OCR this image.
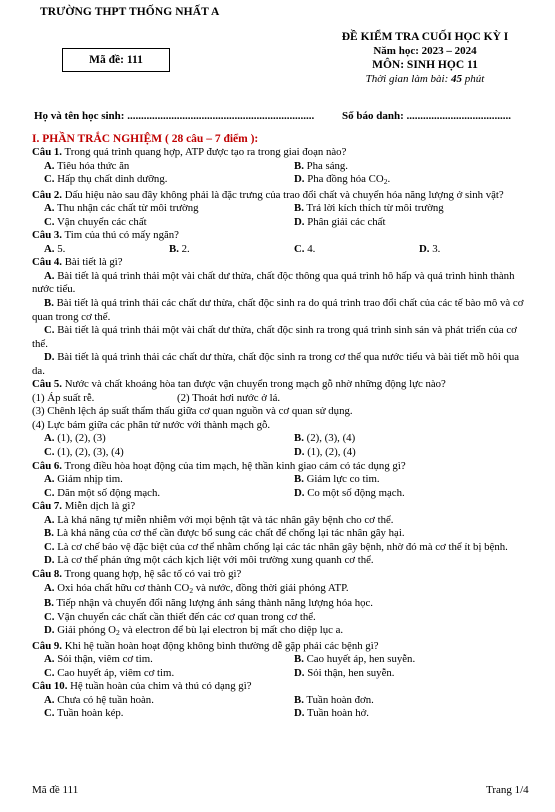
TRƯỜNG THPT THỐNG NHẤT A
Mã đề: 111
ĐỀ KIỂM TRA CUỐI HỌC KỲ I
Năm học: 2023 – 2024
MÔN: SINH HỌC 11
Thời gian làm bài: 45 phút
Họ và tên học sinh: ....................................................................	Số báo danh: ......................................
I. PHẦN TRẮC NGHIỆM ( 28 câu – 7 điểm ):
Câu 1. Trong quá trình quang hợp, ATP được tạo ra trong giai đoạn nào?
A. Tiêu hóa thức ăn	B. Pha sáng.
C. Hấp thụ chất dinh dưỡng.	D. Pha đồng hóa $CO_2$.
Câu 2. Dấu hiệu nào sau đây không phải là đặc trưng của trao đổi chất và chuyển hóa năng lượng ở sinh vật?
A. Thu nhận các chất từ môi trường	B. Trả lời kích thích từ môi trường
C. Vận chuyển các chất	D. Phân giải các chất
Câu 3. Tim của thú có mấy ngăn?
A. 5.	B. 2.	C. 4.	D. 3.
Câu 4. Bài tiết là gì?
A. Bài tiết là quá trình thải một vài chất dư thừa, chất độc thông qua quá trình hô hấp và quá trình hình thành nước tiểu.
B. Bài tiết là quá trình thải các chất dư thừa, chất độc sinh ra do quá trình trao đổi chất của các tế bào mô và cơ quan trong cơ thể.
C. Bài tiết là quá trình thải một vài chất dư thừa, chất độc sinh ra trong quá trình sinh sản và phát triển của cơ thể.
D. Bài tiết là quá trình thải các chất dư thừa, chất độc sinh ra trong cơ thể qua nước tiểu và bài tiết mồ hôi qua da.
Câu 5. Nước và chất khoáng hòa tan được vận chuyển trong mạch gỗ nhờ những động lực nào?
(1) Áp suất rễ.	(2) Thoát hơi nước ở lá.
(3) Chênh lệch áp suất thẩm thấu giữa cơ quan nguồn và cơ quan sử dụng.
(4) Lực bám giữa các phân tử nước với thành mạch gỗ.
A. (1), (2), (3)	B. (2), (3), (4)
C. (1), (2), (3), (4)	D. (1), (2), (4)
Câu 6. Trong điều hòa hoạt động của tim mạch, hệ thần kinh giao cảm có tác dụng gì?
A. Giảm nhịp tim.	B. Giảm lực co tim.
C. Dãn một số động mạch.	D. Co một số động mạch.
Câu 7. Miễn dịch là gì?
A. Là khả năng tự miễn nhiễm với mọi bệnh tật và tác nhân gây bệnh cho cơ thể.
B. Là khả năng của cơ thể cần được bổ sung các chất để chống lại tác nhân gây hại.
C. Là cơ chế bảo vệ đặc biệt của cơ thể nhằm chống lại các tác nhân gây bệnh, nhờ đó mà cơ thể ít bị bệnh.
D. Là cơ thể phản ứng một cách kịch liệt với môi trường xung quanh cơ thể.
Câu 8. Trong quang hợp, hệ sắc tố có vai trò gì?
A. Oxi hóa chất hữu cơ thành $CO_2$ và nước, đồng thời giải phóng ATP.
B. Tiếp nhận và chuyển đổi năng lượng ánh sáng thành năng lượng hóa học.
C. Vận chuyển các chất cần thiết đến các cơ quan trong cơ thể.
D. Giải phóng $O_2$ và electron để bù lại electron bị mất cho diệp lục a.
Câu 9. Khi hệ tuần hoàn hoạt động không bình thường dễ gặp phải các bệnh gì?
A. Sỏi thận, viêm cơ tim.	B. Cao huyết áp, hen suyễn.
C. Cao huyết áp, viêm cơ tim.	D. Sỏi thận, hen suyễn.
Câu 10. Hệ tuần hoàn của chim và thú có dạng gì?
A. Chưa có hệ tuần hoàn.	B. Tuần hoàn đơn.
C. Tuần hoàn kép.	D. Tuần hoàn hở.
Mã đề 111	Trang 1/4
